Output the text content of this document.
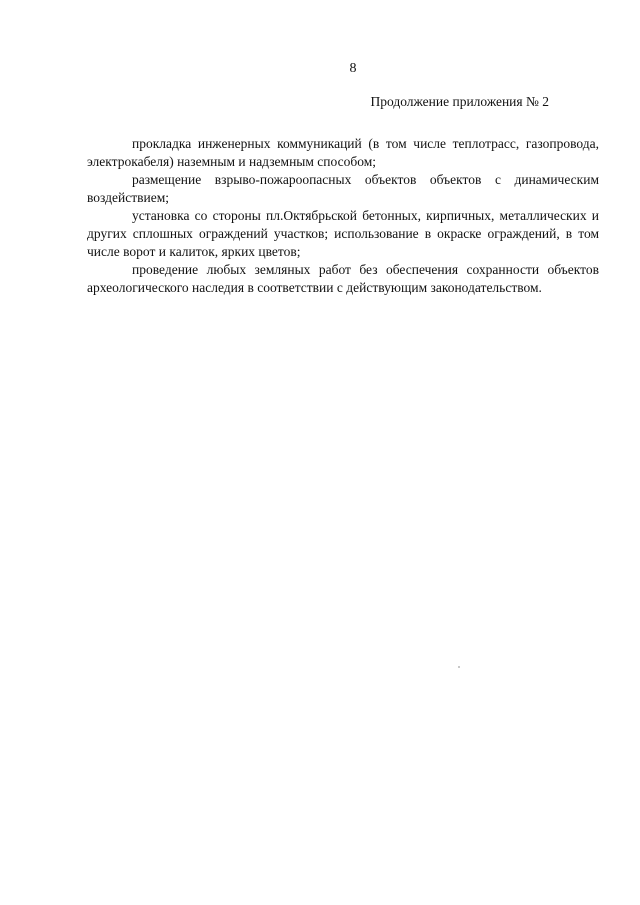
8
Продолжение приложения № 2

прокладка инженерных коммуникаций (в том числе теплотрасс, газопровода, электрокабеля) наземным и надземным способом;

размещение взрыво-пожароопасных объектов объектов с динамическим воздействием;

установка со стороны пл.Октябрьской бетонных, кирпичных, металлических и других сплошных ограждений участков; использование в окраске ограждений, в том числе ворот и калиток, ярких цветов;

проведение любых земляных работ без обеспечения сохранности объектов археологического наследия в соответствии с действующим законодательством.
